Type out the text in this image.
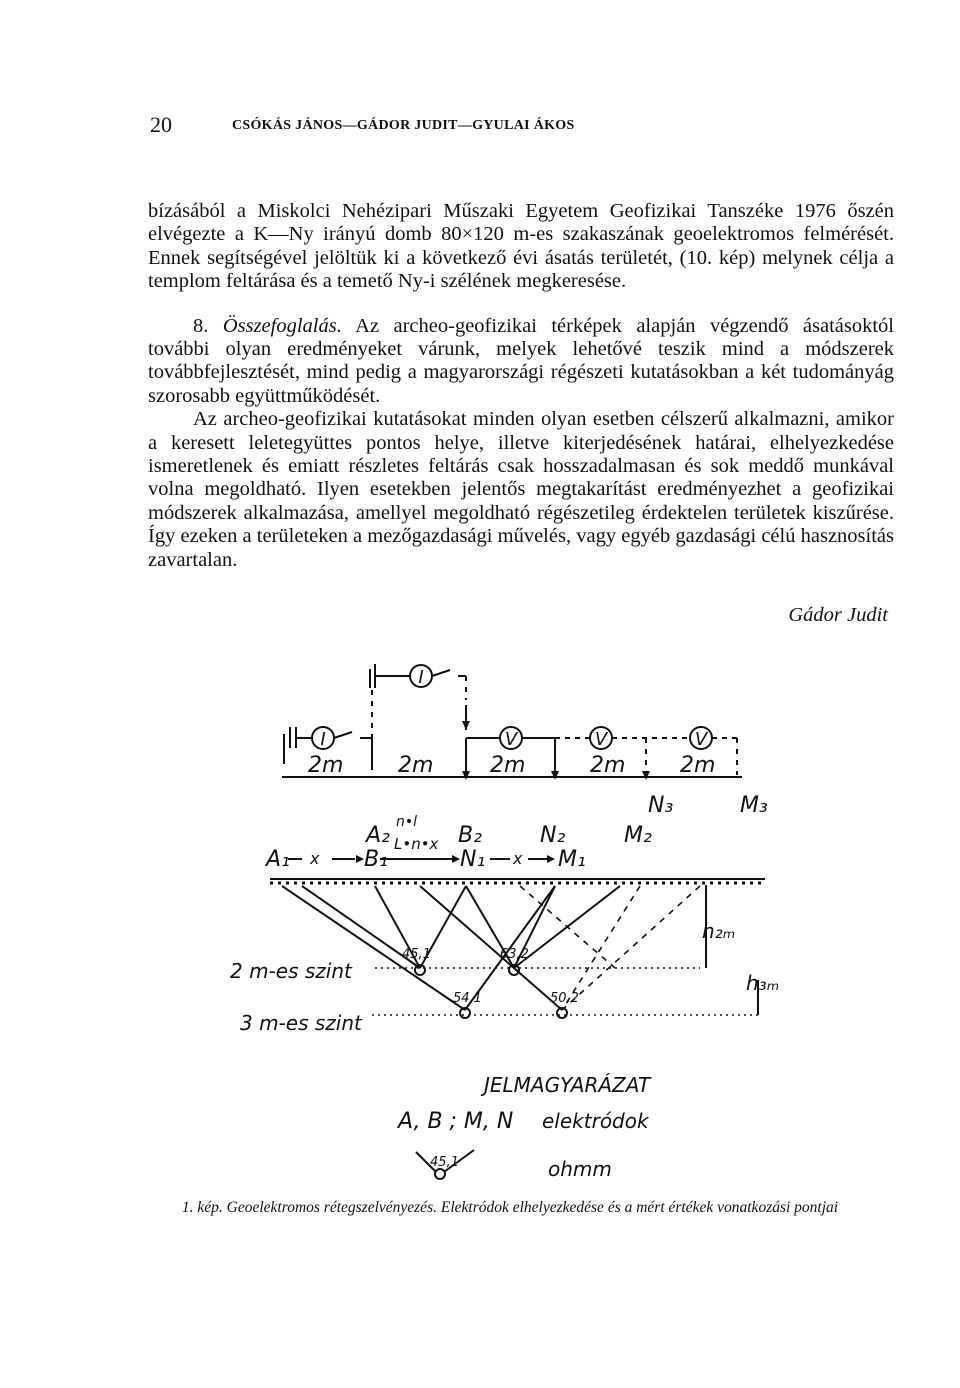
20	CSÓKÁS JÁNOS—GÁDOR JUDIT—GYULAI ÁKOS

bízásából a Miskolci Nehézipari Műszaki Egyetem Geofizikai Tanszéke 1976 őszén elvégezte a K—Ny irányú domb 80×120 m-es szakaszának geoelektromos felmérését. Ennek segítségével jelöltük ki a következő évi ásatás területét, (10. kép) melynek célja a templom feltárása és a temető Ny-i szélének megkeresése.

8. Összefoglalás. Az archeo-geofizikai térképek alapján végzendő ásatásoktól további olyan eredményeket várunk, melyek lehetővé teszik mind a módszerek továbbfejlesztését, mind pedig a magyarországi régészeti kutatásokban a két tudományág szorosabb együttműködését.

Az archeo-geofizikai kutatásokat minden olyan esetben célszerű alkalmazni, amikor a keresett leletegyüttes pontos helye, illetve kiterjedésének határai, elhelyezkedése ismeretlenek és emiatt részletes feltárás csak hosszadalmasan és sok meddő munkával volna megoldható. Ilyen esetekben jelentős megtakarítást eredményezhet a geofizikai módszerek alkalmazása, amellyel megoldható régészetileg érdektelen területek kiszűrése. Így ezeken a területeken a mezőgazdasági művelés, vagy egyéb gazdasági célú hasznosítás zavartalan.

Gádor Judit
I
I	V	V	V
2m 2m	2m	2m 2m
N₃	M₃
n•l
A₂ L•n•x B₂	N₂	M₂
A₁ x B₁	N₁ x M₁
45,1	63,2
54,1	50,2
2 m-es szint
3 m-es szint
h₂ₘ
h₃ₘ
JELMAGYARÁZAT
A, B ; M, N elektródok
45,1	ohmm
1. kép. Geoelektromos rétegszelvényezés. Elektródok elhelyezkedése és a mért értékek vonatkozási pontjai
